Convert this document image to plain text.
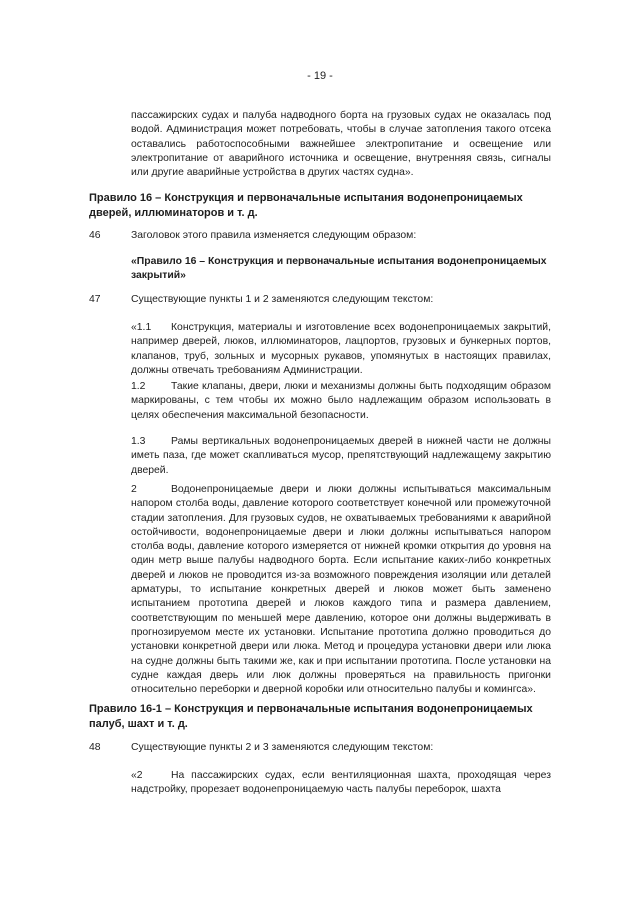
- 19 -
пассажирских судах и палуба надводного борта на грузовых судах не оказалась под водой. Администрация может потребовать, чтобы в случае затопления такого отсека оставались работоспособными важнейшее электропитание и освещение или электропитание от аварийного источника и освещение, внутренняя связь, сигналы или другие аварийные устройства в других частях судна».
Правило 16 – Конструкция и первоначальные испытания водонепроницаемых дверей, иллюминаторов и т. д.
46	Заголовок этого правила изменяется следующим образом:
«Правило 16 – Конструкция и первоначальные испытания водонепроницаемых закрытий»
47	Существующие пункты 1 и 2 заменяются следующим текстом:
«1.1 Конструкция, материалы и изготовление всех водонепроницаемых закрытий, например дверей, люков, иллюминаторов, лацпортов, грузовых и бункерных портов, клапанов, труб, зольных и мусорных рукавов, упомянутых в настоящих правилах, должны отвечать требованиям Администрации.
1.2 Такие клапаны, двери, люки и механизмы должны быть подходящим образом маркированы, с тем чтобы их можно было надлежащим образом использовать в целях обеспечения максимальной безопасности.
1.3 Рамы вертикальных водонепроницаемых дверей в нижней части не должны иметь паза, где может скапливаться мусор, препятствующий надлежащему закрытию дверей.
2	Водонепроницаемые двери и люки должны испытываться максимальным напором столба воды, давление которого соответствует конечной или промежуточной стадии затопления. Для грузовых судов, не охватываемых требованиями к аварийной остойчивости, водонепроницаемые двери и люки должны испытываться напором столба воды, давление которого измеряется от нижней кромки открытия до уровня на один метр выше палубы надводного борта. Если испытание каких-либо конкретных дверей и люков не проводится из-за возможного повреждения изоляции или деталей арматуры, то испытание конкретных дверей и люков может быть заменено испытанием прототипа дверей и люков каждого типа и размера давлением, соответствующим по меньшей мере давлению, которое они должны выдерживать в прогнозируемом месте их установки. Испытание прототипа должно проводиться до установки конкретной двери или люка. Метод и процедура установки двери или люка на судне должны быть такими же, как и при испытании прототипа. После установки на судне каждая дверь или люк должны проверяться на правильность пригонки относительно переборки и дверной коробки или относительно палубы и комингса».
Правило 16-1 – Конструкция и первоначальные испытания водонепроницаемых палуб, шахт и т. д.
48	Существующие пункты 2 и 3 заменяются следующим текстом:
«2	На пассажирских судах, если вентиляционная шахта, проходящая через надстройку, прорезает водонепроницаемую часть палубы переборок, шахта
